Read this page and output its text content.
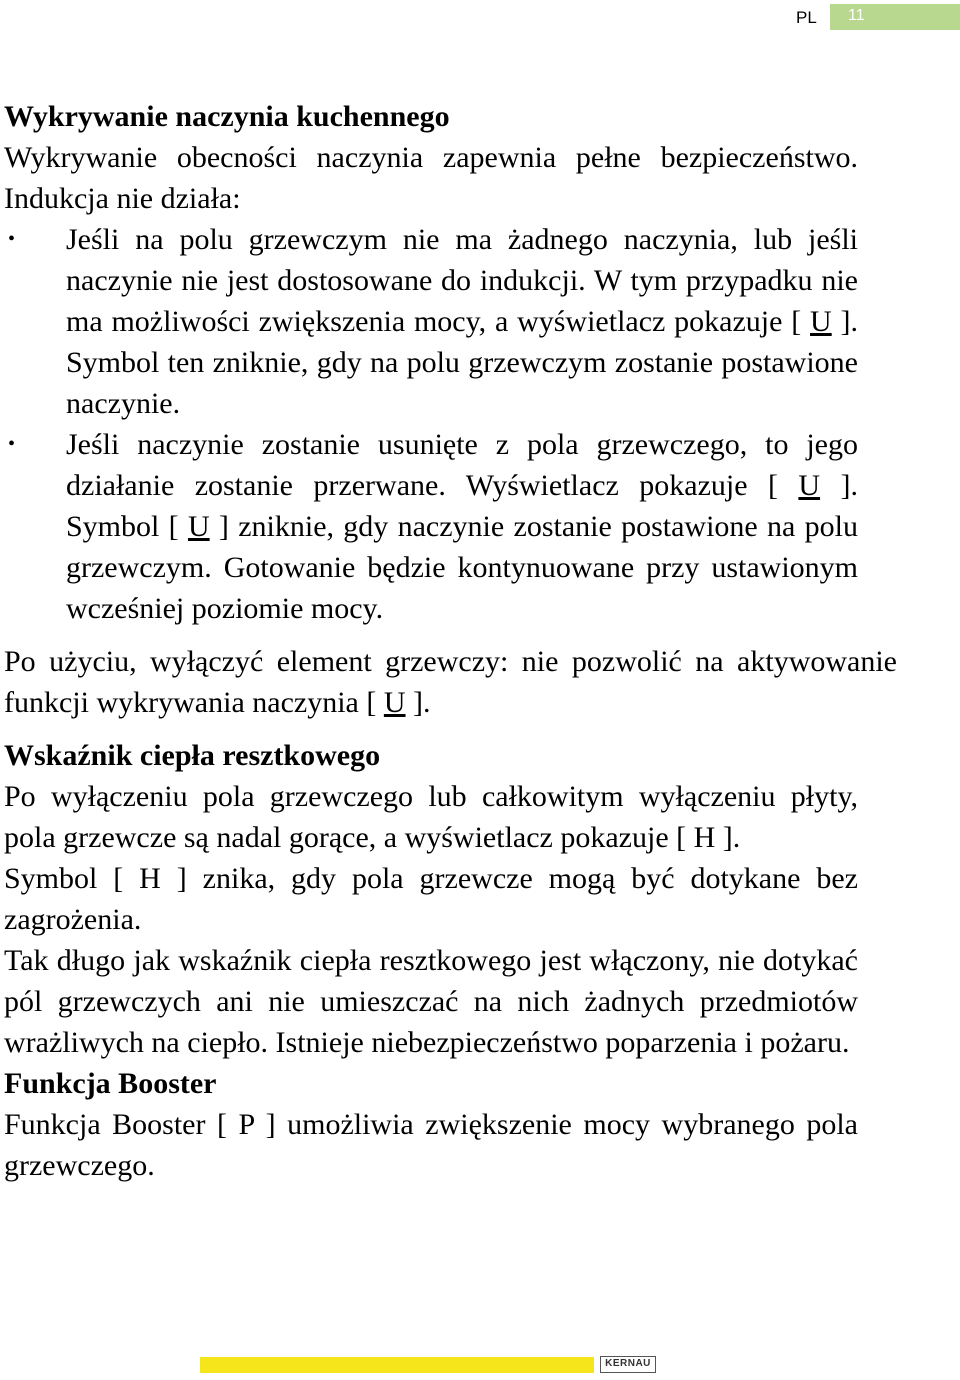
PL 11
Wykrywanie naczynia kuchennego

Wykrywanie obecności naczynia zapewnia pełne bezpieczeństwo. Indukcja nie działa:

• Jeśli na polu grzewczym nie ma żadnego naczynia, lub jeśli naczynie nie jest dostosowane do indukcji. W tym przypadku nie ma możliwości zwiększenia mocy, a wyświetlacz pokazuje [ U ]. Symbol ten zniknie, gdy na polu grzewczym zostanie postawione naczynie.
• Jeśli naczynie zostanie usunięte z pola grzewczego, to jego działanie zostanie przerwane. Wyświetlacz pokazuje [ U ]. Symbol [ U ] zniknie, gdy naczynie zostanie postawione na polu grzewczym. Gotowanie będzie kontynuowane przy ustawionym wcześniej poziomie mocy.

Po użyciu, wyłączyć element grzewczy: nie pozwolić na aktywowanie funkcji wykrywania naczynia [ U ].

Wskaźnik ciepła resztkowego

Po wyłączeniu pola grzewczego lub całkowitym wyłączeniu płyty, pola grzewcze są nadal gorące, a wyświetlacz pokazuje [ H ].

Symbol [ H ] znika, gdy pola grzewcze mogą być dotykane bez zagrożenia.

Tak długo jak wskaźnik ciepła resztkowego jest włączony, nie dotykać pól grzewczych ani nie umieszczać na nich żadnych przedmiotów wrażliwych na ciepło. Istnieje niebezpieczeństwo poparzenia i pożaru.

Funkcja Booster

Funkcja Booster [ P ] umożliwia zwiększenie mocy wybranego pola grzewczego.

KERNAU
